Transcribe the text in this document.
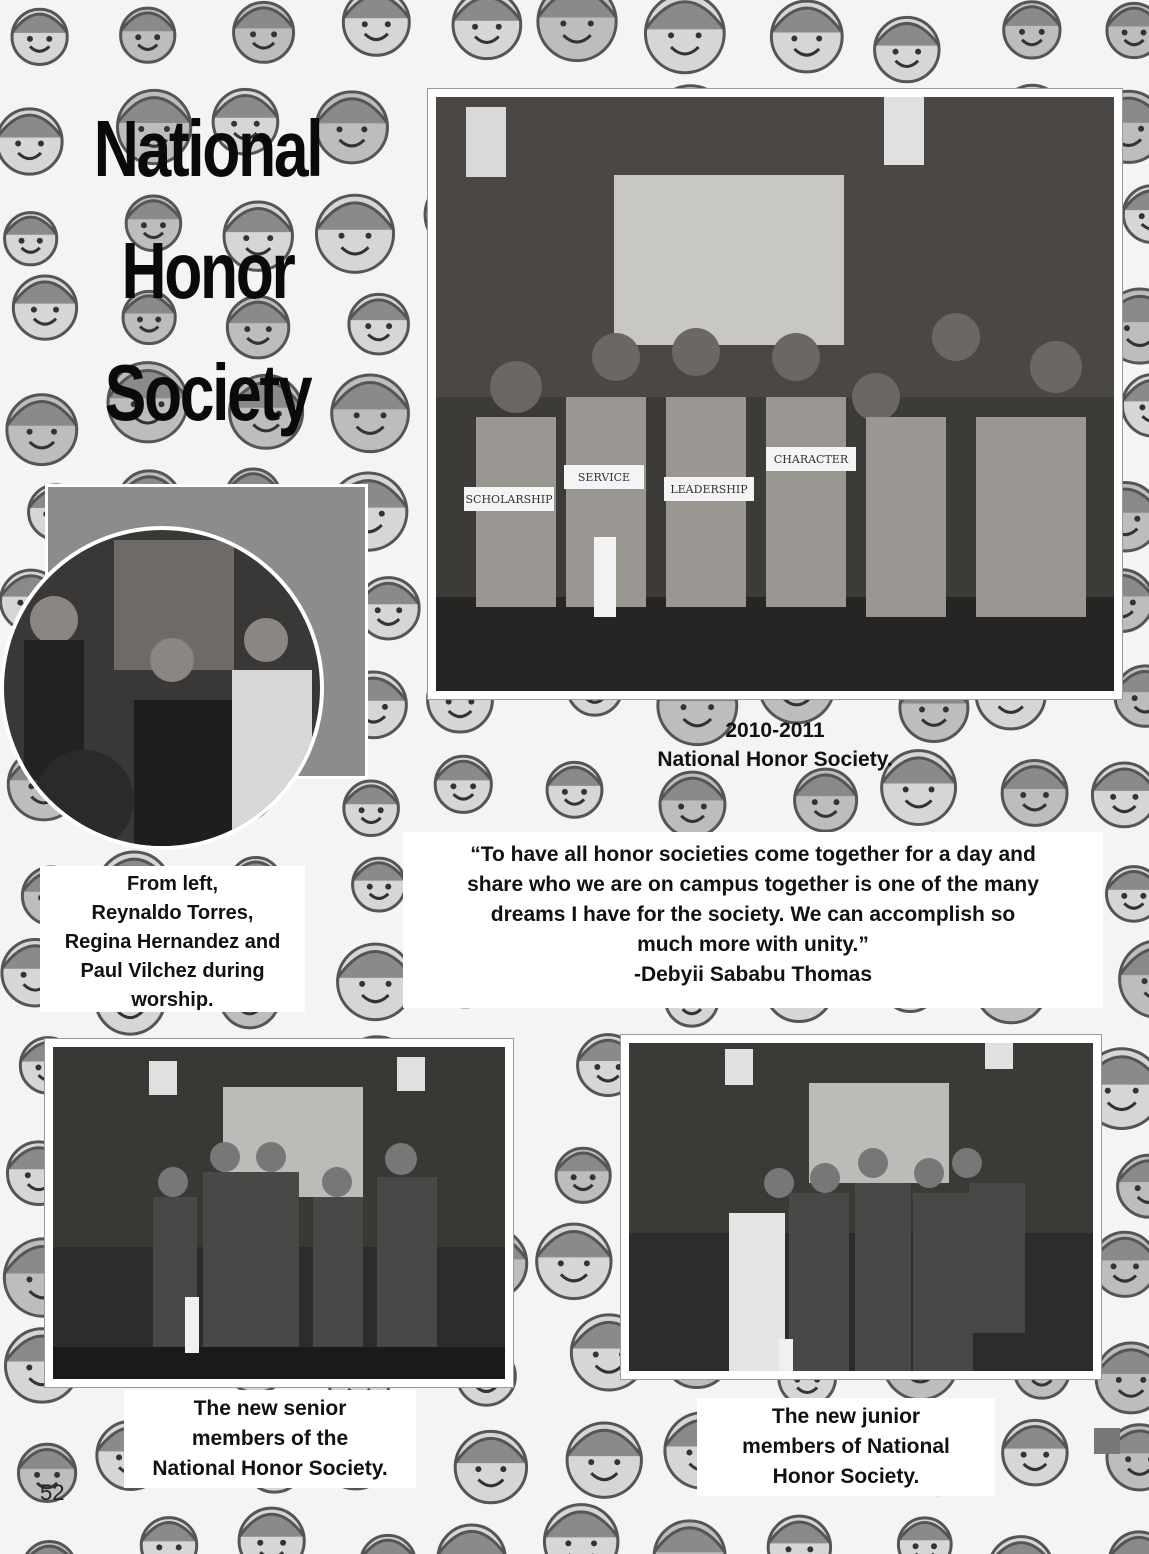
National
Honor
Society
SCHOLARSHIP
SERVICE
LEADERSHIP
CHARACTER
2010-2011
National Honor Society.
From left,
Reynaldo Torres,
Regina Hernandez and
Paul Vilchez during
worship.
“To have all honor societies come together for a day and
share who we are on campus together is one of the many
dreams I have for the society. We can accomplish so
much more with unity.”
-Debyii Sababu Thomas
The new senior
members of the
National Honor Society.
The new junior
members of National
Honor Society.
52
